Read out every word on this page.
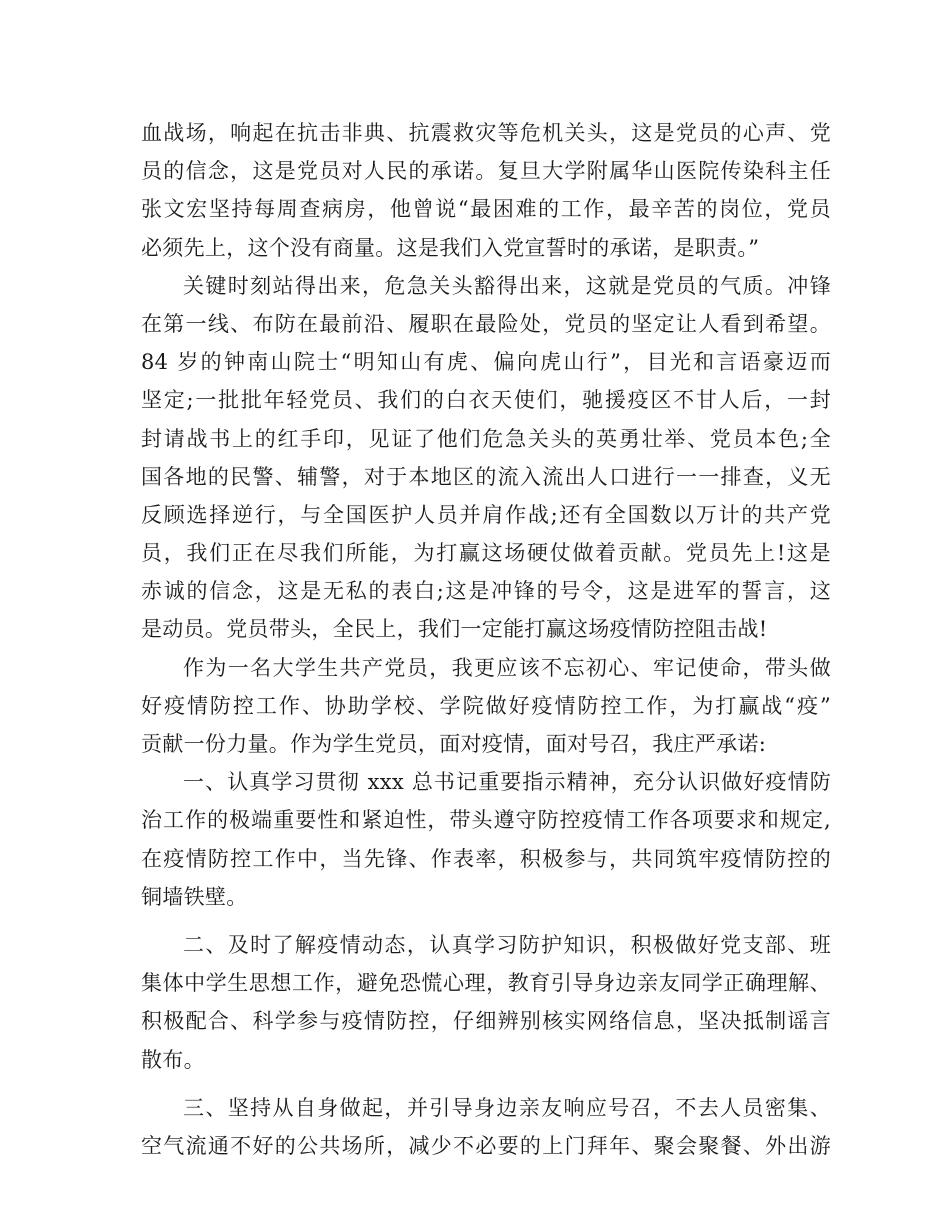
血战场，响起在抗击非典、抗震救灾等危机关头，这是党员的心声、党
员的信念，这是党员对人民的承诺。复旦大学附属华山医院传染科主任
张文宏坚持每周查病房，他曾说“最困难的工作，最辛苦的岗位，党员
必须先上，这个没有商量。这是我们入党宣誓时的承诺，是职责。”
关键时刻站得出来，危急关头豁得出来，这就是党员的气质。冲锋
在第一线、布防在最前沿、履职在最险处，党员的坚定让人看到希望。
84 岁的钟南山院士“明知山有虎、偏向虎山行”，目光和言语豪迈而
坚定;一批批年轻党员、我们的白衣天使们，驰援疫区不甘人后，一封
封请战书上的红手印，见证了他们危急关头的英勇壮举、党员本色;全
国各地的民警、辅警，对于本地区的流入流出人口进行一一排查，义无
反顾选择逆行，与全国医护人员并肩作战;还有全国数以万计的共产党
员，我们正在尽我们所能，为打赢这场硬仗做着贡献。党员先上!这是
赤诚的信念，这是无私的表白;这是冲锋的号令，这是进军的誓言，这
是动员。党员带头，全民上，我们一定能打赢这场疫情防控阻击战!
作为一名大学生共产党员，我更应该不忘初心、牢记使命，带头做
好疫情防控工作、协助学校、学院做好疫情防控工作，为打赢战“疫”
贡献一份力量。作为学生党员，面对疫情，面对号召，我庄严承诺:
一、认真学习贯彻 xxx 总书记重要指示精神，充分认识做好疫情防
治工作的极端重要性和紧迫性，带头遵守防控疫情工作各项要求和规定,
在疫情防控工作中，当先锋、作表率，积极参与，共同筑牢疫情防控的
铜墙铁壁。
二、及时了解疫情动态，认真学习防护知识，积极做好党支部、班
集体中学生思想工作，避免恐慌心理，教育引导身边亲友同学正确理解、
积极配合、科学参与疫情防控，仔细辨别核实网络信息，坚决抵制谣言
散布。
三、坚持从自身做起，并引导身边亲友响应号召，不去人员密集、
空气流通不好的公共场所，减少不必要的上门拜年、聚会聚餐、外出游
